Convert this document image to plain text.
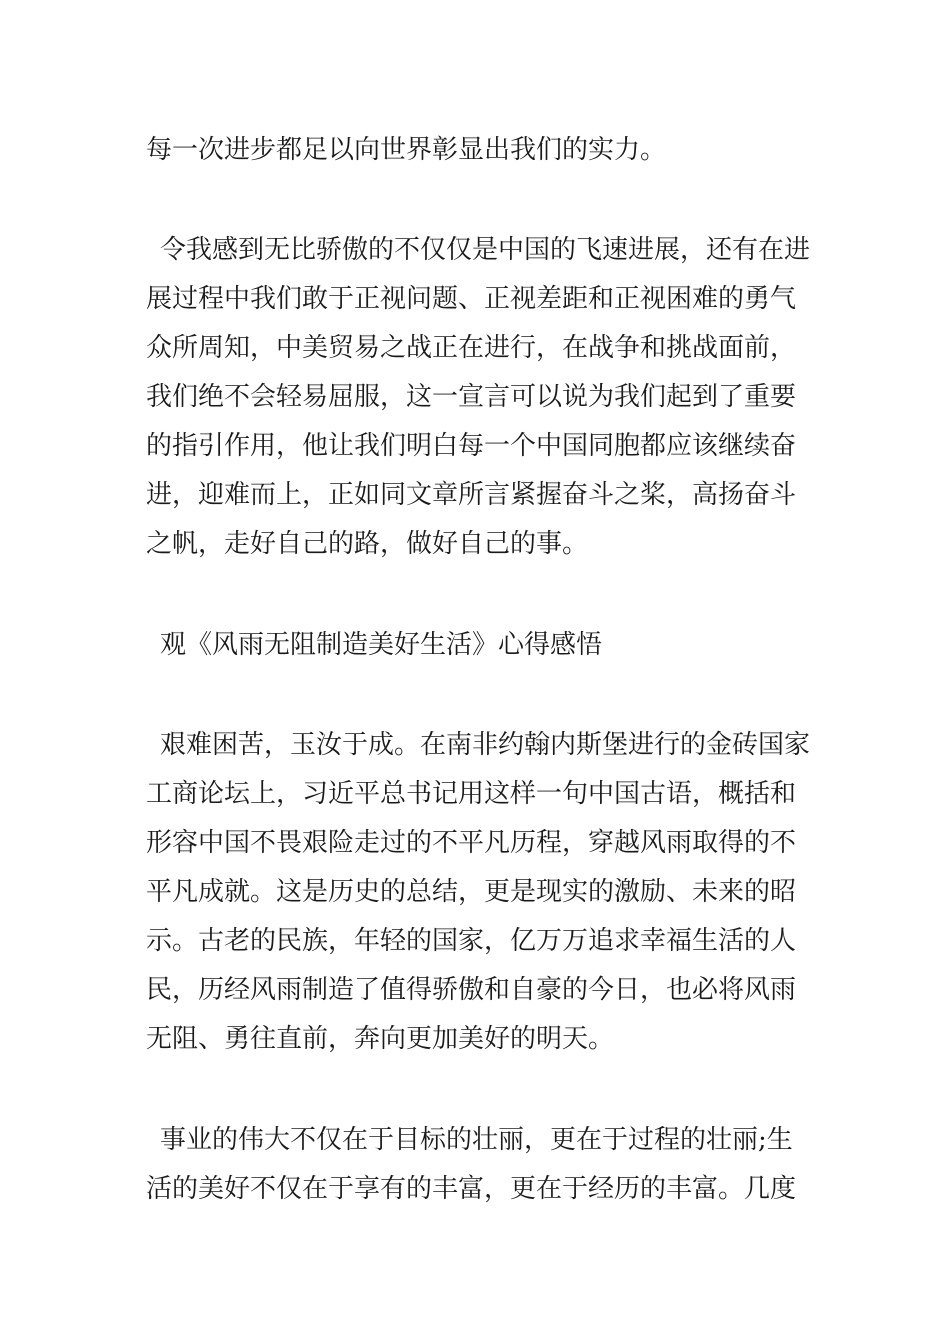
每一次进步都足以向世界彰显出我们的实力。
令我感到无比骄傲的不仅仅是中国的飞速进展，还有在进
展过程中我们敢于正视问题、正视差距和正视困难的勇气
众所周知，中美贸易之战正在进行，在战争和挑战面前，
我们绝不会轻易屈服，这一宣言可以说为我们起到了重要
的指引作用，他让我们明白每一个中国同胞都应该继续奋
进，迎难而上，正如同文章所言紧握奋斗之桨，高扬奋斗
之帆，走好自己的路，做好自己的事。
观《风雨无阻制造美好生活》心得感悟
艰难困苦，玉汝于成。在南非约翰内斯堡进行的金砖国家
工商论坛上，习近平总书记用这样一句中国古语，概括和
形容中国不畏艰险走过的不平凡历程，穿越风雨取得的不
平凡成就。这是历史的总结，更是现实的激励、未来的昭
示。古老的民族，年轻的国家，亿万万追求幸福生活的人
民，历经风雨制造了值得骄傲和自豪的今日，也必将风雨
无阻、勇往直前，奔向更加美好的明天。
事业的伟大不仅在于目标的壮丽，更在于过程的壮丽;生
活的美好不仅在于享有的丰富，更在于经历的丰富。几度
